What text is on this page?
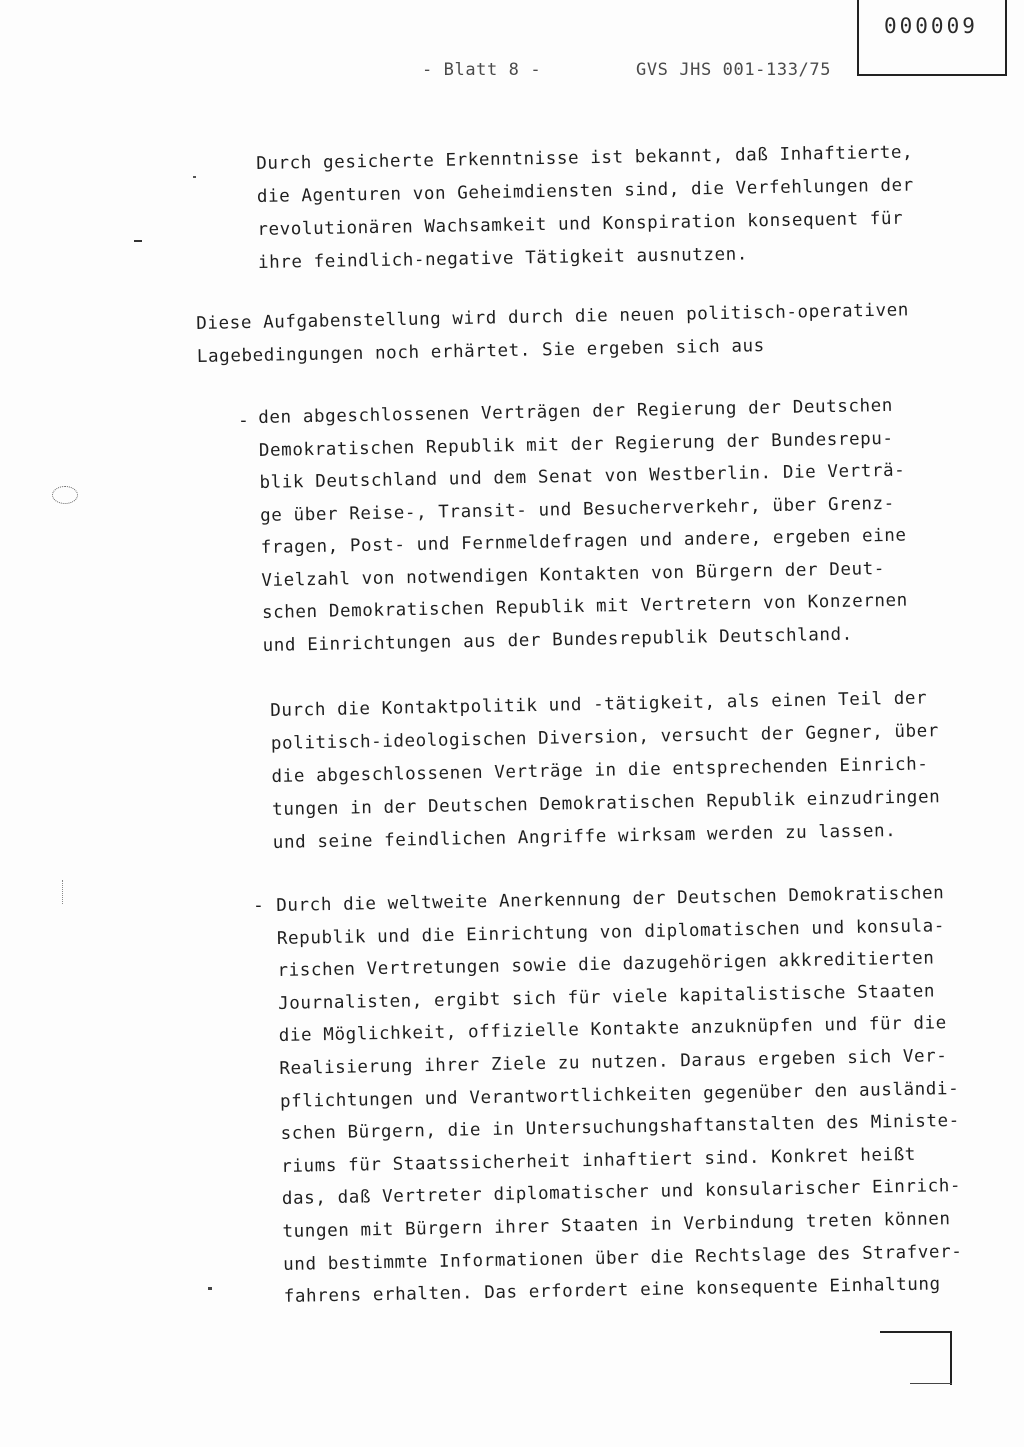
000009
- Blatt 8 -	GVS JHS 001-133/75

Durch gesicherte Erkenntnisse ist bekannt, daß Inhaftierte,
die Agenturen von Geheimdiensten sind, die Verfehlungen der
revolutionären Wachsamkeit und Konspiration konsequent für
ihre feindlich-negative Tätigkeit ausnutzen.

Diese Aufgabenstellung wird durch die neuen politisch-operativen
Lagebedingungen noch erhärtet. Sie ergeben sich aus

- den abgeschlossenen Verträgen der Regierung der Deutschen
Demokratischen Republik mit der Regierung der Bundesrepu-
blik Deutschland und dem Senat von Westberlin. Die Verträ-
ge über Reise-, Transit- und Besucherverkehr, über Grenz-
fragen, Post- und Fernmeldefragen und andere, ergeben eine
Vielzahl von notwendigen Kontakten von Bürgern der Deut-
schen Demokratischen Republik mit Vertretern von Konzernen
und Einrichtungen aus der Bundesrepublik Deutschland.

Durch die Kontaktpolitik und -tätigkeit, als einen Teil der
politisch-ideologischen Diversion, versucht der Gegner, über
die abgeschlossenen Verträge in die entsprechenden Einrich-
tungen in der Deutschen Demokratischen Republik einzudringen
und seine feindlichen Angriffe wirksam werden zu lassen.

- Durch die weltweite Anerkennung der Deutschen Demokratischen
Republik und die Einrichtung von diplomatischen und konsula-
rischen Vertretungen sowie die dazugehörigen akkreditierten
Journalisten, ergibt sich für viele kapitalistische Staaten
die Möglichkeit, offizielle Kontakte anzuknüpfen und für die
Realisierung ihrer Ziele zu nutzen. Daraus ergeben sich Ver-
pflichtungen und Verantwortlichkeiten gegenüber den ausländi-
schen Bürgern, die in Untersuchungshaftanstalten des Ministe-
riums für Staatssicherheit inhaftiert sind. Konkret heißt
das, daß Vertreter diplomatischer und konsularischer Einrich-
tungen mit Bürgern ihrer Staaten in Verbindung treten können
und bestimmte Informationen über die Rechtslage des Strafver-
fahrens erhalten. Das erfordert eine konsequente Einhaltung
